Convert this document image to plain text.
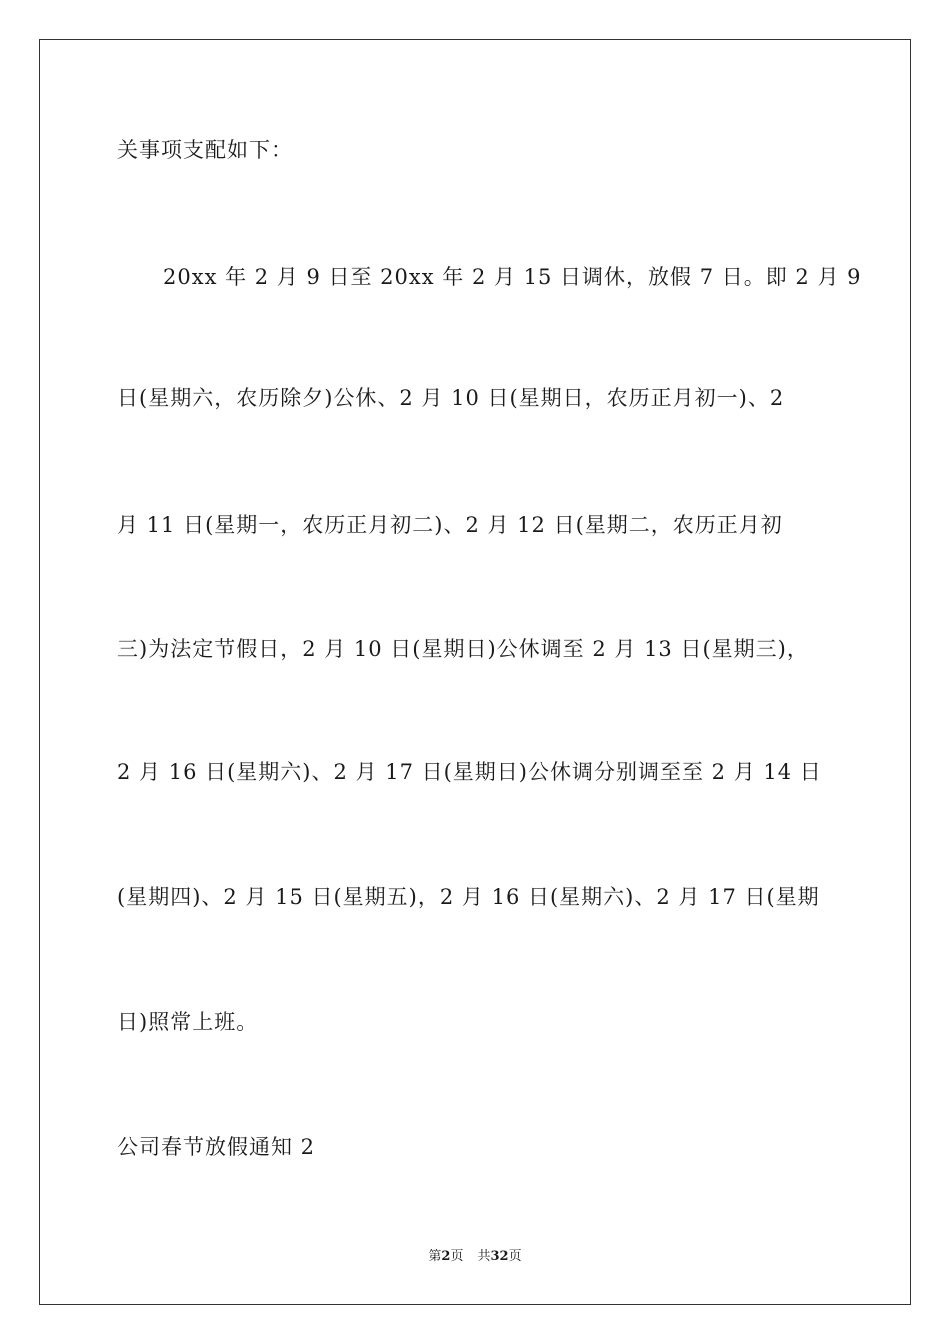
关事项支配如下：
20xx 年 2 月 9 日至 20xx 年 2 月 15 日调休，放假 7 日。即 2 月 9
日(星期六，农历除夕)公休、2 月 10 日(星期日，农历正月初一)、2
月 11 日(星期一，农历正月初二)、2 月 12 日(星期二，农历正月初
三)为法定节假日，2 月 10 日(星期日)公休调至 2 月 13 日(星期三)，
2 月 16 日(星期六)、2 月 17 日(星期日)公休调分别调至至 2 月 14 日
(星期四)、2 月 15 日(星期五)，2 月 16 日(星期六)、2 月 17 日(星期
日)照常上班。
公司春节放假通知 2
第2页 共32页
